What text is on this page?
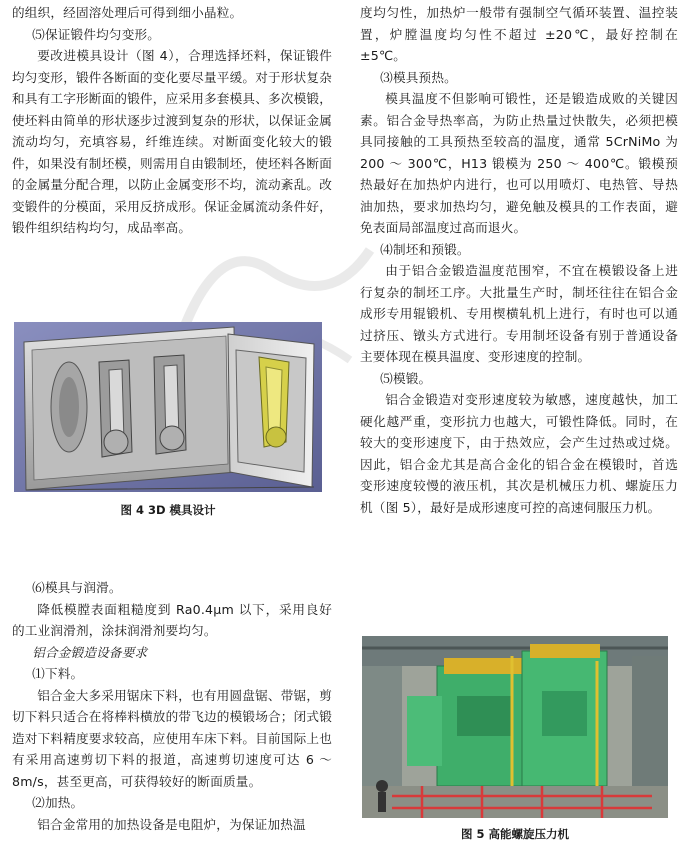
的组织，经固溶处理后可得到细小晶粒。

⑸保证锻件均匀变形。

要改进模具设计（图 4），合理选择坯料，保证锻件均匀变形，锻件各断面的变化要尽量平缓。对于形状复杂和具有工字形断面的锻件，应采用多套模具、多次模锻，使坯料由简单的形状逐步过渡到复杂的形状，以保证金属流动均匀，充填容易，纤维连续。对断面变化较大的锻件，如果没有制坯模，则需用自由锻制坯，使坯料各断面的金属量分配合理，以防止金属变形不均，流动紊乱。改变锻件的分模面，采用反挤成形。保证金属流动条件好，锻件组织结构均匀，成品率高。

图 4 3D 模具设计

⑹模具与润滑。

降低模膛表面粗糙度到 Ra0.4μm 以下，采用良好的工业润滑剂，涂抹润滑剂要均匀。

铝合金锻造设备要求

⑴下料。

铝合金大多采用锯床下料，也有用圆盘锯、带锯，剪切下料只适合在将棒料横放的带飞边的模锻场合；闭式锻造对下料精度要求较高，应使用车床下料。目前国际上也有采用高速剪切下料的报道，高速剪切速度可达 6 ～ 8m/s，甚至更高，可获得较好的断面质量。

⑵加热。

铝合金常用的加热设备是电阻炉，为保证加热温

度均匀性，加热炉一般带有强制空气循环装置、温控装置，炉膛温度均匀性不超过 ±20℃，最好控制在 ±5℃。

⑶模具预热。

模具温度不但影响可锻性，还是锻造成败的关键因素。铝合金导热率高，为防止热量过快散失，必须把模具同接触的工具预热至较高的温度，通常 5CrNiMo 为 200 ～ 300℃，H13 锻模为 250 ～ 400℃。锻模预热最好在加热炉内进行，也可以用喷灯、电热管、导热油加热，要求加热均匀，避免触及模具的工作表面，避免表面局部温度过高而退火。

⑷制坯和预锻。

由于铝合金锻造温度范围窄，不宜在模锻设备上进行复杂的制坯工序。大批量生产时，制坯往往在铝合金成形专用辊锻机、专用楔横轧机上进行，有时也可以通过挤压、镦头方式进行。专用制坯设备有别于普通设备主要体现在模具温度、变形速度的控制。

⑸模锻。

铝合金锻造对变形速度较为敏感，速度越快，加工硬化越严重，变形抗力也越大，可锻性降低。同时，在较大的变形速度下，由于热效应，会产生过热或过烧。因此，铝合金尤其是高合金化的铝合金在模锻时，首选变形速度较慢的液压机，其次是机械压力机、螺旋压力机（图 5），最好是成形速度可控的高速伺服压力机。

图 5 高能螺旋压力机
